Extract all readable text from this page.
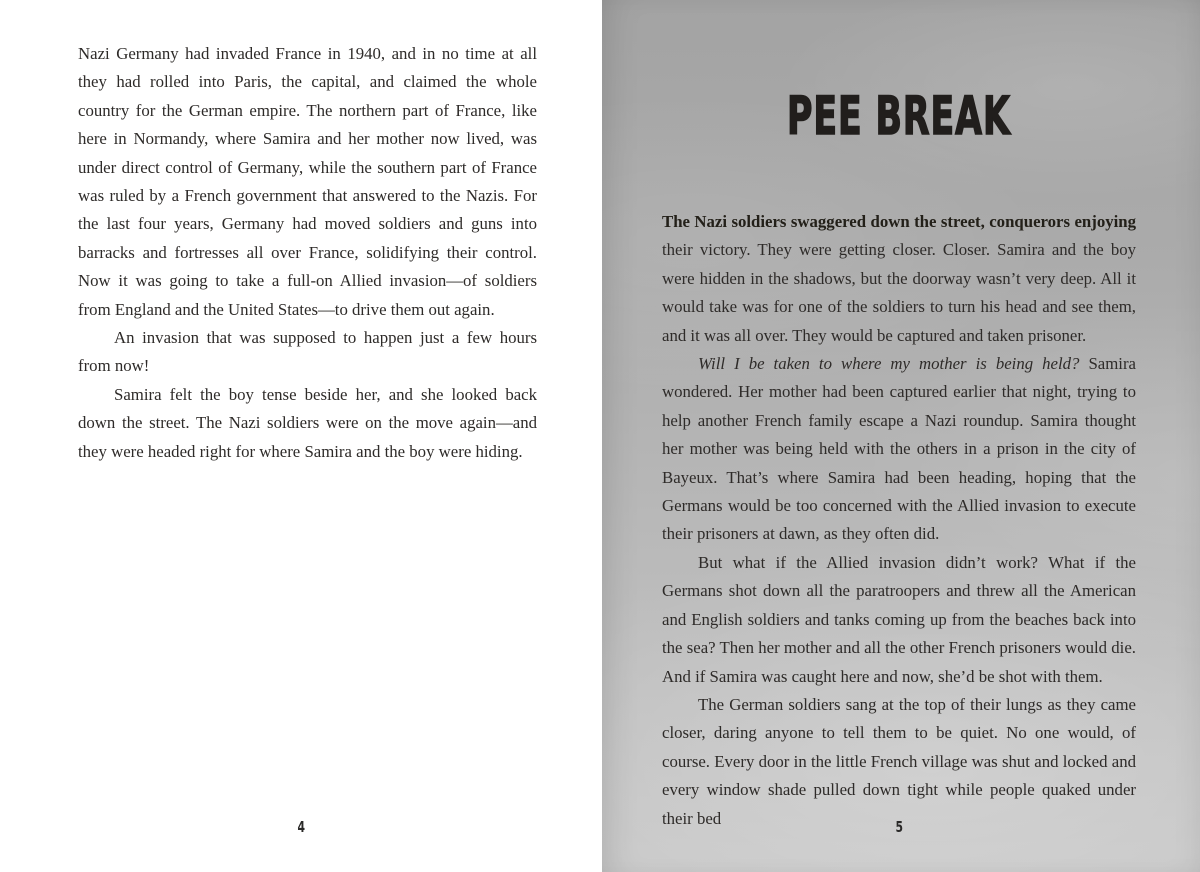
Nazi Germany had invaded France in 1940, and in no time at all they had rolled into Paris, the capital, and claimed the whole country for the German empire. The northern part of France, like here in Normandy, where Samira and her mother now lived, was under direct control of Germany, while the southern part of France was ruled by a French government that answered to the Nazis. For the last four years, Germany had moved soldiers and guns into barracks and fortresses all over France, solidifying their control. Now it was going to take a full-on Allied invasion—of soldiers from England and the United States—to drive them out again.

An invasion that was supposed to happen just a few hours from now!

Samira felt the boy tense beside her, and she looked back down the street. The Nazi soldiers were on the move again—and they were headed right for where Samira and the boy were hiding.

4
PEE BREAK

The Nazi soldiers swaggered down the street, conquerors enjoying their victory. They were getting closer. Closer. Samira and the boy were hidden in the shadows, but the doorway wasn’t very deep. All it would take was for one of the soldiers to turn his head and see them, and it was all over. They would be captured and taken prisoner.

Will I be taken to where my mother is being held? Samira wondered. Her mother had been captured earlier that night, trying to help another French family escape a Nazi roundup. Samira thought her mother was being held with the others in a prison in the city of Bayeux. That’s where Samira had been heading, hoping that the Germans would be too concerned with the Allied invasion to execute their prisoners at dawn, as they often did.

But what if the Allied invasion didn’t work? What if the Germans shot down all the paratroopers and threw all the American and English soldiers and tanks coming up from the beaches back into the sea? Then her mother and all the other French prisoners would die. And if Samira was caught here and now, she’d be shot with them.

The German soldiers sang at the top of their lungs as they came closer, daring anyone to tell them to be quiet. No one would, of course. Every door in the little French village was shut and locked and every window shade pulled down tight while people quaked under their bed	5
